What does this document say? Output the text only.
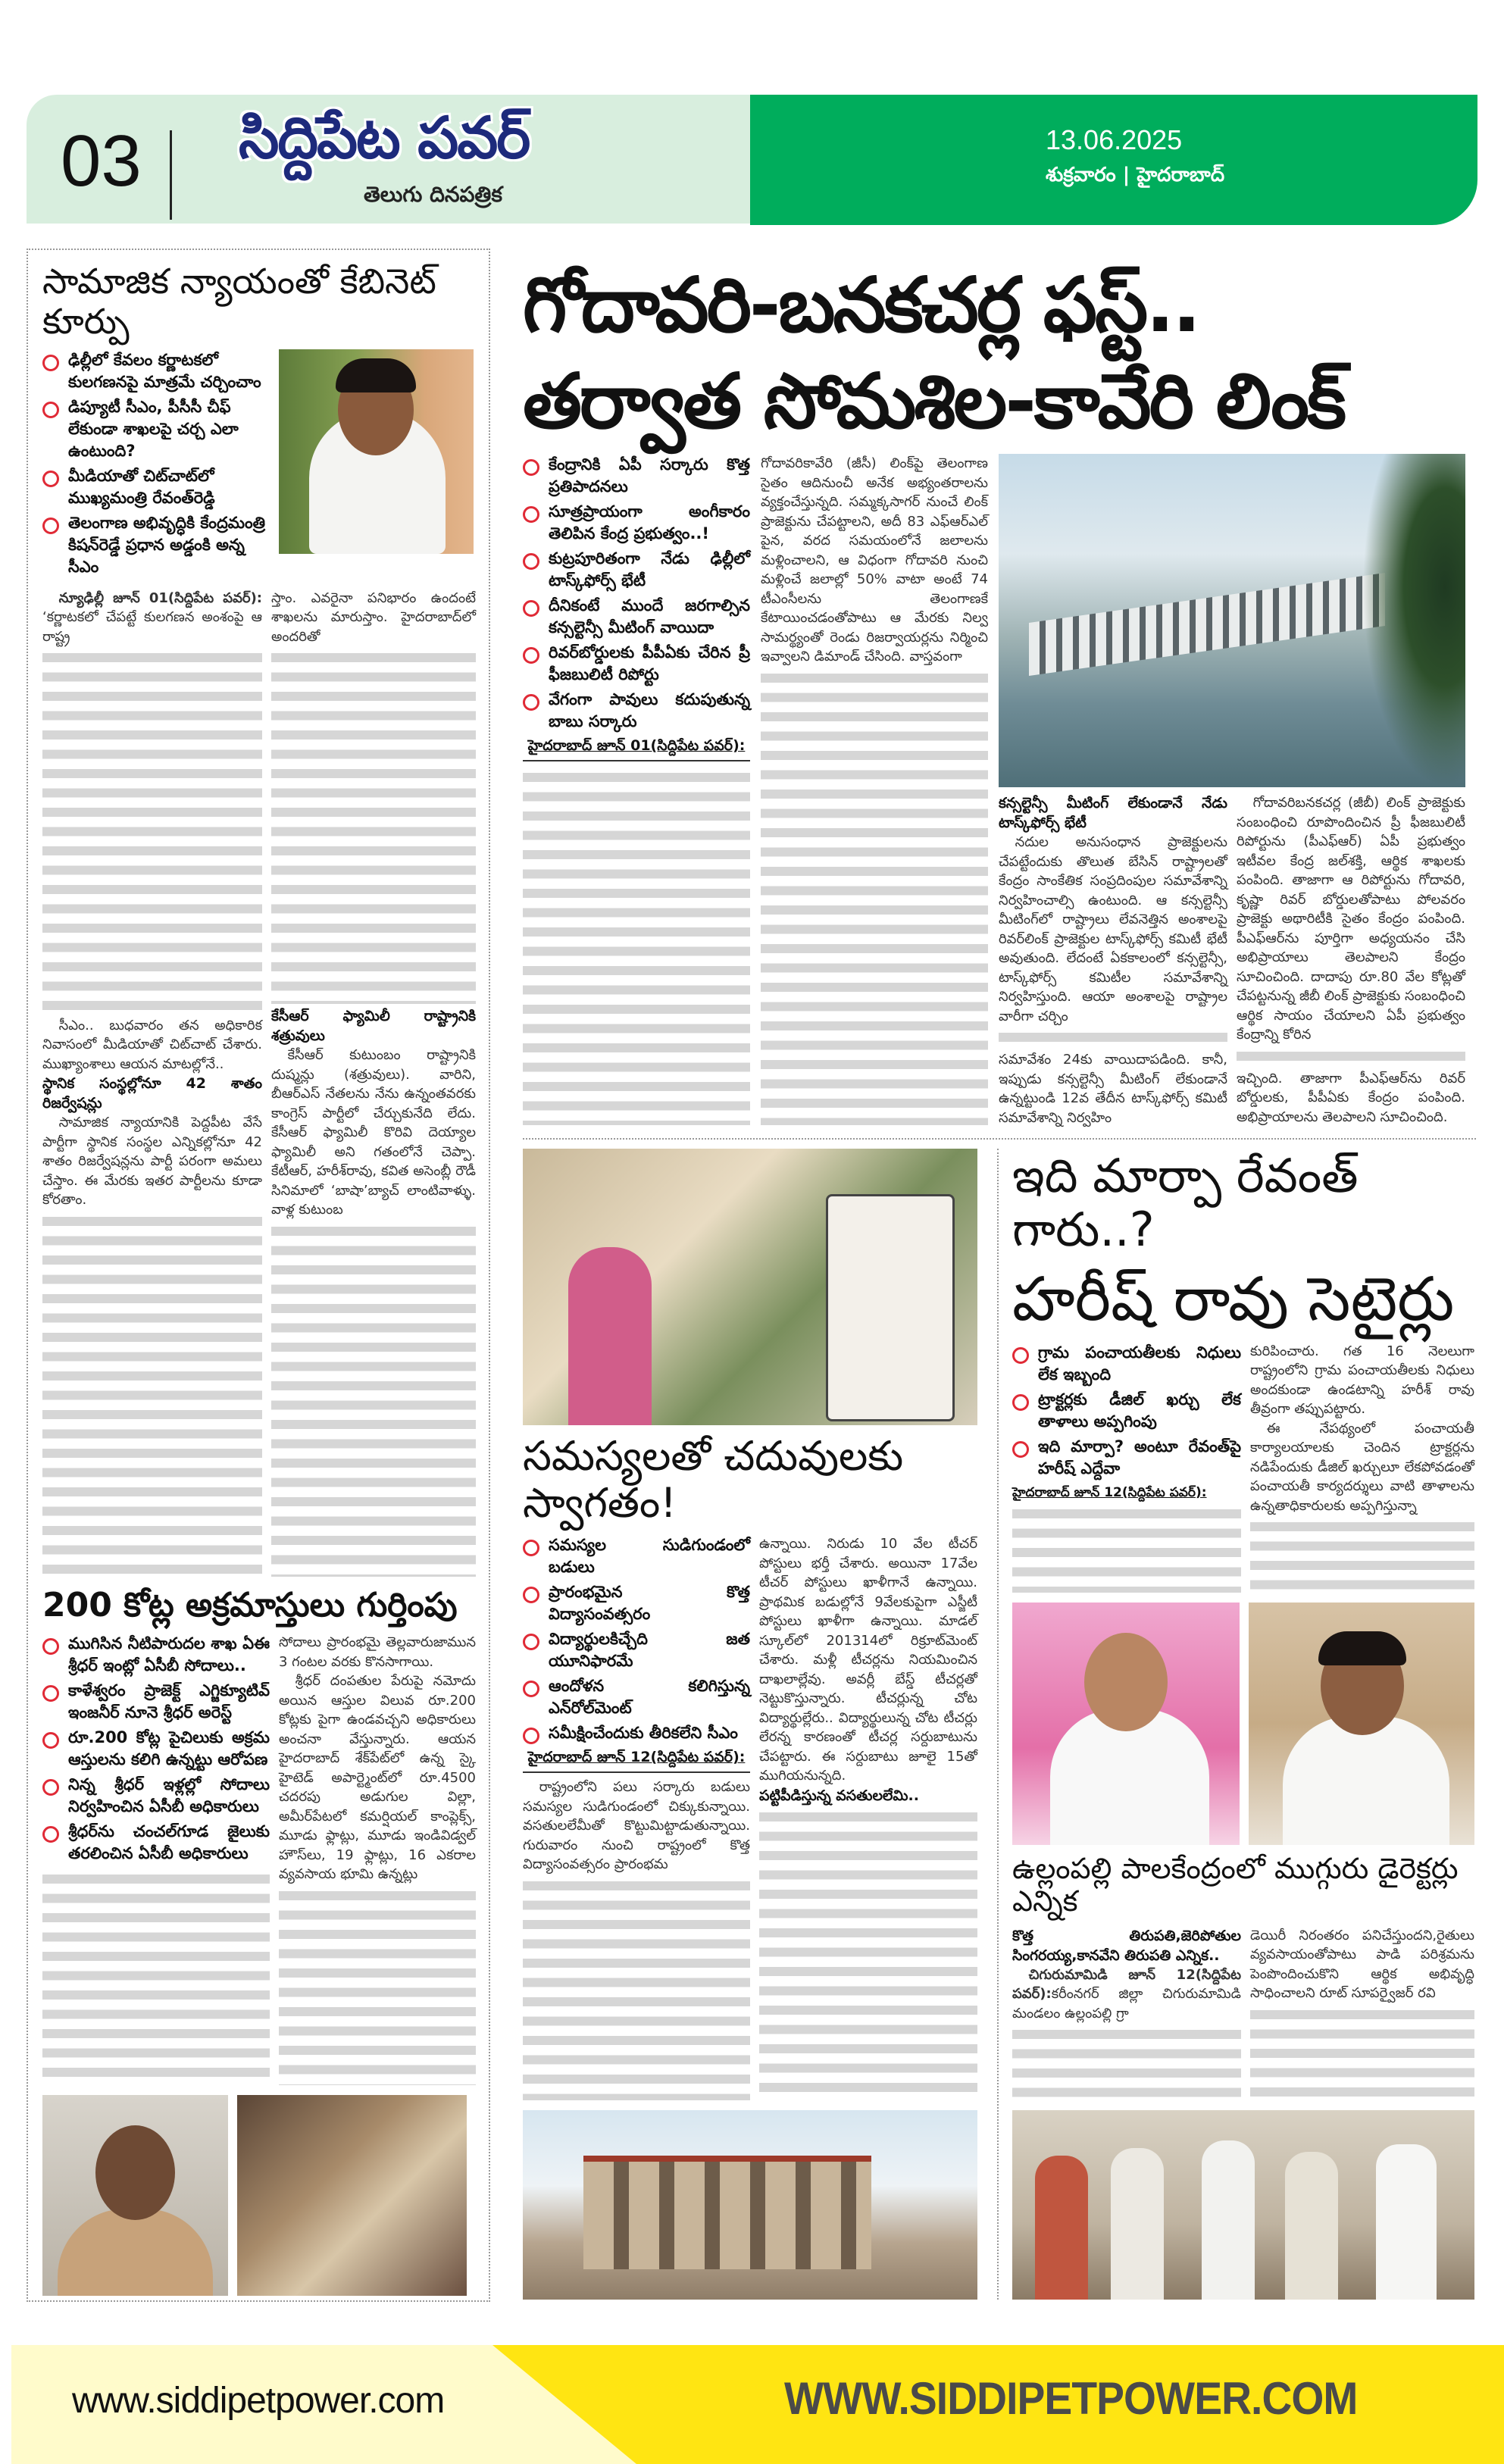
03 సిద్దిపేట పవర్
తెలుగు దినపత్రిక
13.06.2025
శుక్రవారం | హైదరాబాద్
సామాజిక న్యాయంతో కేబినెట్ కూర్పు
ఢిల్లీలో కేవలం కర్ణాటకలో కులగణనపై మాత్రమే చర్చించాం
డిప్యూటీ సీఎం, పీసీసీ చీఫ్ లేకుండా శాఖలపై చర్చ ఎలా ఉంటుంది?
మీడియాతో చిట్‌చాట్‌లో ముఖ్యమంత్రి రేవంత్‌రెడ్డి
తెలంగాణ అభివృద్ధికి కేంద్రమంత్రి కిషన్‌రెడ్డే ప్రధాన అడ్డంకి అన్న సీఎం

న్యూఢిల్లీ జూన్ 01(సిద్దిపేట పవర్): ‘కర్ణాటకలో చేపట్టే కులగణన అంశంపై ఆ రాష్ట్ర

సీఎం.. బుధవారం తన అధికారిక నివాసంలో మీడియాతో చిట్‌చాట్ చేశారు. ముఖ్యాంశాలు ఆయన మాటల్లోనే..

స్థానిక సంస్థల్లోనూ 42 శాతం రిజర్వేషన్లు

సామాజిక న్యాయానికి పెద్దపీట వేసే పార్టీగా స్థానిక సంస్థల ఎన్నికల్లోనూ 42 శాతం రిజర్వేషన్లను పార్టీ పరంగా అమలు చేస్తాం. ఈ మేరకు ఇతర పార్టీలను కూడా కోరతాం.

స్తాం. ఎవరైనా పనిభారం ఉందంటే శాఖలను మారుస్తాం. హైదరాబాద్‌లో అందరితో

కేసీఆర్ ఫ్యామిలీ రాష్ట్రానికి శత్రువులు

కేసీఆర్ కుటుంబం రాష్ట్రానికి దుష్మన్లు (శత్రువులు). వారిని, బీఆర్ఎస్ నేతలను నేను ఉన్నంతవరకు కాంగ్రెస్ పార్టీలో చేర్చుకునేది లేదు. కేసీఆర్ ఫ్యామిలీ కొరివి దెయ్యాల ఫ్యామిలీ అని గతంలోనే చెప్పా. కేటీఆర్, హరీశ్‌రావు, కవిత అసెంబ్లీ రౌడీ సినిమాలో ‘బాషా’బ్యాచ్ లాంటివాళ్ళు. వాళ్ల కుటుంబ

200 కోట్ల అక్రమాస్తులు గుర్తింపు
ముగిసిన నీటిపారుదల శాఖ ఏఈ శ్రీధర్ ఇంట్లో ఏసీబీ సోదాలు..
కాళేశ్వరం ప్రాజెక్ట్ ఎగ్జిక్యూటివ్ ఇంజనీర్ నూనె శ్రీధర్ అరెస్ట్
రూ.200 కోట్ల పైచిలుకు అక్రమ ఆస్తులను కలిగి ఉన్నట్టు ఆరోపణ
నిన్న శ్రీధర్ ఇళ్లల్లో సోదాలు నిర్వహించిన ఏసీబీ అధికారులు
శ్రీధర్‌ను చంచల్‌గూడ జైలుకు తరలించిన ఏసీబీ అధికారులు

సోదాలు ప్రారంభమై తెల్లవారుజామున 3 గంటల వరకు కొనసాగాయి.

శ్రీధర్ దంపతుల పేరుపై నమోదు అయిన ఆస్తుల విలువ రూ.200 కోట్లకు పైగా ఉండవచ్చని అధికారులు అంచనా వేస్తున్నారు. ఆయన హైదరాబాద్ శేక్‌పేట్‌లో ఉన్న స్కై హైటెడ్ అపార్ట్మెంట్‌లో రూ.4500 చదరపు అడుగుల విల్లా, అమీర్‌పేటలో కమర్షియల్ కాంప్లెక్స్, మూడు ఫ్లాట్లు, మూడు ఇండివిడ్వల్ హౌస్‌లు, 19 ఫ్లాట్లు, 16 ఎకరాల వ్యవసాయ భూమి ఉన్నట్లు

గోదావరి-బనకచర్ల ఫస్ట్..
తర్వాత సోమశిల-కావేరి లింక్
కేంద్రానికి ఏపీ సర్కారు కొత్త ప్రతిపాదనలు
సూత్రప్రాయంగా అంగీకారం తెలిపిన కేంద్ర ప్రభుత్వం..!
కుట్రపూరితంగా నేడు ఢిల్లీలో టాస్క్‌ఫోర్స్ భేటీ
దీనికంటే ముందే జరగాల్సిన కన్సల్టెన్సీ మీటింగ్ వాయిదా
రివర్‌బోర్డులకు పీపీఏకు చేరిన ప్రీ ఫీజబులిటీ రిపోర్టు
వేగంగా పావులు కదుపుతున్న బాబు సర్కారు
హైదరాబాద్ జూన్ 01(సిద్దిపేట పవర్):

గోదావరికావేరి (జీసీ) లింక్‌పై తెలంగాణ సైతం ఆదినుంచీ అనేక అభ్యంతరాలను వ్యక్తంచేస్తున్నది. సమ్మక్కసాగర్ నుంచే లింక్ ప్రాజెక్టును చేపట్టాలని, అదీ 83 ఎఫ్ఆర్ఎల్ పైన, వరద సమయంలోనే జలాలను మళ్లించాలని, ఆ విధంగా గోదావరి నుంచి మళ్లించే జలాల్లో 50% వాటా అంటే 74 టీఎంసీలను తెలంగాణకే కేటాయించడంతోపాటు ఆ మేరకు నిల్వ సామర్థ్యంతో రెండు రిజర్వాయర్లను నిర్మించి ఇవ్వాలని డిమాండ్ చేసింది. వాస్తవంగా

కన్సల్టెన్సీ మీటింగ్ లేకుండానే నేడు టాస్క్‌ఫోర్స్ భేటీ

నదుల అనుసంధాన ప్రాజెక్టులను చేపట్టేందుకు తొలుత బేసిన్ రాష్ట్రాలతో కేంద్రం సాంకేతిక సంప్రదింపుల సమావేశాన్ని నిర్వహించాల్సి ఉంటుంది. ఆ కన్సల్టెన్సీ మీటింగ్‌లో రాష్ట్రాలు లేవనెత్తిన అంశాలపై రివర్‌లింక్ ప్రాజెక్టుల టాస్క్‌ఫోర్స్ కమిటీ భేటీ అవుతుంది. లేదంటే ఏకకాలంలో కన్సల్టెన్సీ, టాస్క్‌ఫోర్స్ కమిటీల సమావేశాన్ని నిర్వహిస్తుంది. ఆయా అంశాలపై రాష్ట్రాల వారీగా చర్చిం

సమావేశం 24కు వాయిదాపడింది. కానీ, ఇప్పుడు కన్సల్టెన్సీ మీటింగ్ లేకుండానే ఉన్నట్టుండి 12వ తేదీన టాస్క్‌ఫోర్స్ కమిటీ సమావేశాన్ని నిర్వహిం

గోదావరిబనకచర్ల (జీబీ) లింక్ ప్రాజెక్టుకు సంబంధించి రూపొందించిన ప్రీ ఫీజబులిటీ రిపోర్టును (పీఎఫ్ఆర్) ఏపీ ప్రభుత్వం ఇటీవల కేంద్ర జల్‌శక్తి, ఆర్థిక శాఖలకు పంపింది. తాజాగా ఆ రిపోర్టును గోదావరి, కృష్ణా రివర్ బోర్డులతోపాటు పోలవరం ప్రాజెక్టు అథారిటీకి సైతం కేంద్రం పంపింది. పీఎఫ్ఆర్‌ను పూర్తిగా అధ్యయనం చేసి అభిప్రాయాలు తెలపాలని కేంద్రం సూచించింది. దాదాపు రూ.80 వేల కోట్లతో చేపట్టనున్న జీబీ లింక్ ప్రాజెక్టుకు సంబంధించి ఆర్థిక సాయం చేయాలని ఏపీ ప్రభుత్వం కేంద్రాన్ని కోరిన

ఇచ్చింది. తాజాగా పీఎఫ్ఆర్‌ను రివర్ బోర్డులకు, పీపీఏకు కేంద్రం పంపింది. అభిప్రాయాలను తెలపాలని సూచించింది.

సమస్యలతో చదువులకు స్వాగతం!
సమస్యల సుడిగుండంలో బడులు
ప్రారంభమైన కొత్త విద్యాసంవత్సరం
విద్యార్థులకిచ్చేది జత యూనిఫారమే
ఆందోళన కలిగిస్తున్న ఎన్‌రోల్‌మెంట్
సమీక్షించేందుకు తీరికలేని సీఎం
హైదరాబాద్ జూన్ 12(సిద్దిపేట పవర్):

రాష్ట్రంలోని పలు సర్కారు బడులు సమస్యల సుడిగుండంలో చిక్కుకున్నాయి. వసతులలేమీతో కొట్టుమిట్టాడుతున్నాయి. గురువారం నుంచి రాష్ట్రంలో కొత్త విద్యాసంవత్సరం ప్రారంభమ

ఉన్నాయి. నిరుడు 10 వేల టీచర్ పోస్టులు భర్తీ చేశారు. అయినా 17వేల టీచర్ పోస్టులు ఖాళీగానే ఉన్నాయి. ప్రాథమిక బడుల్లోనే 9వేలకుపైగా ఎస్జీటీ పోస్టులు ఖాళీగా ఉన్నాయి. మాడల్ స్కూల్‌లో 201314లో రిక్రూట్‌మెంట్ చేశారు. మళ్లీ టీచర్లను నియమించిన దాఖలాల్లేవు. అవర్లీ బేస్డ్ టీచర్లతో నెట్టుకొస్తున్నారు. టీచర్లున్న చోట విద్యార్థుల్లేరు.. విద్యార్థులున్న చోట టీచర్లు లేరన్న కారణంతో టీచర్ల సర్దుబాటును చేపట్టారు. ఈ సర్దుబాటు జూలై 15తో ముగియనున్నది.

పట్టిపీడిస్తున్న వసతులలేమి..
ఇది మార్పా రేవంత్ గారు..?
హరీష్ రావు సెటైర్లు
గ్రామ పంచాయతీలకు నిధులు లేక ఇబ్బంది
ట్రాక్టర్లకు డీజిల్ ఖర్చు లేక తాళాలు అప్పగింపు
ఇది మార్పా? అంటూ రేవంత్‌పై హరీష్ ఎద్దేవా
హైదరాబాద్ జూన్ 12(సిద్దిపేట పవర్):

కురిపించారు. గత 16 నెలలుగా రాష్ట్రంలోని గ్రామ పంచాయతీలకు నిధులు అందకుండా ఉండటాన్ని హరీశ్ రావు తీవ్రంగా తప్పుపట్టారు.

ఈ నేపథ్యంలో పంచాయతీ కార్యాలయాలకు చెందిన ట్రాక్టర్లను నడిపేందుకు డీజిల్ ఖర్చులూ లేకపోవడంతో పంచాయతీ కార్యదర్శులు వాటి తాళాలను ఉన్నతాధికారులకు అప్పగిస్తున్నా

ఉల్లంపల్లి పాలకేంద్రంలో ముగ్గురు డైరెక్టర్లు ఎన్నిక
కొత్త తిరుపతి,జెరిపోతుల సింగరయ్య,కానవేని తిరుపతి ఎన్నిక..

చిగురుమామిడి జూన్ 12(సిద్దిపేట పవర్):కరీంనగర్ జిల్లా చిగురుమామిడి మండలం ఉల్లంపల్లి గ్రా

డెయిరీ నిరంతరం పనిచేస్తుందని,రైతులు వ్యవసాయంతోపాటు పాడి పరిశ్రమను పెంపొందించుకొని ఆర్థిక అభివృద్ధి సాధించాలని రూట్ సూపర్వైజర్ రవి

www.siddipetpower.com	WWW.SIDDIPETPOWER.COM
